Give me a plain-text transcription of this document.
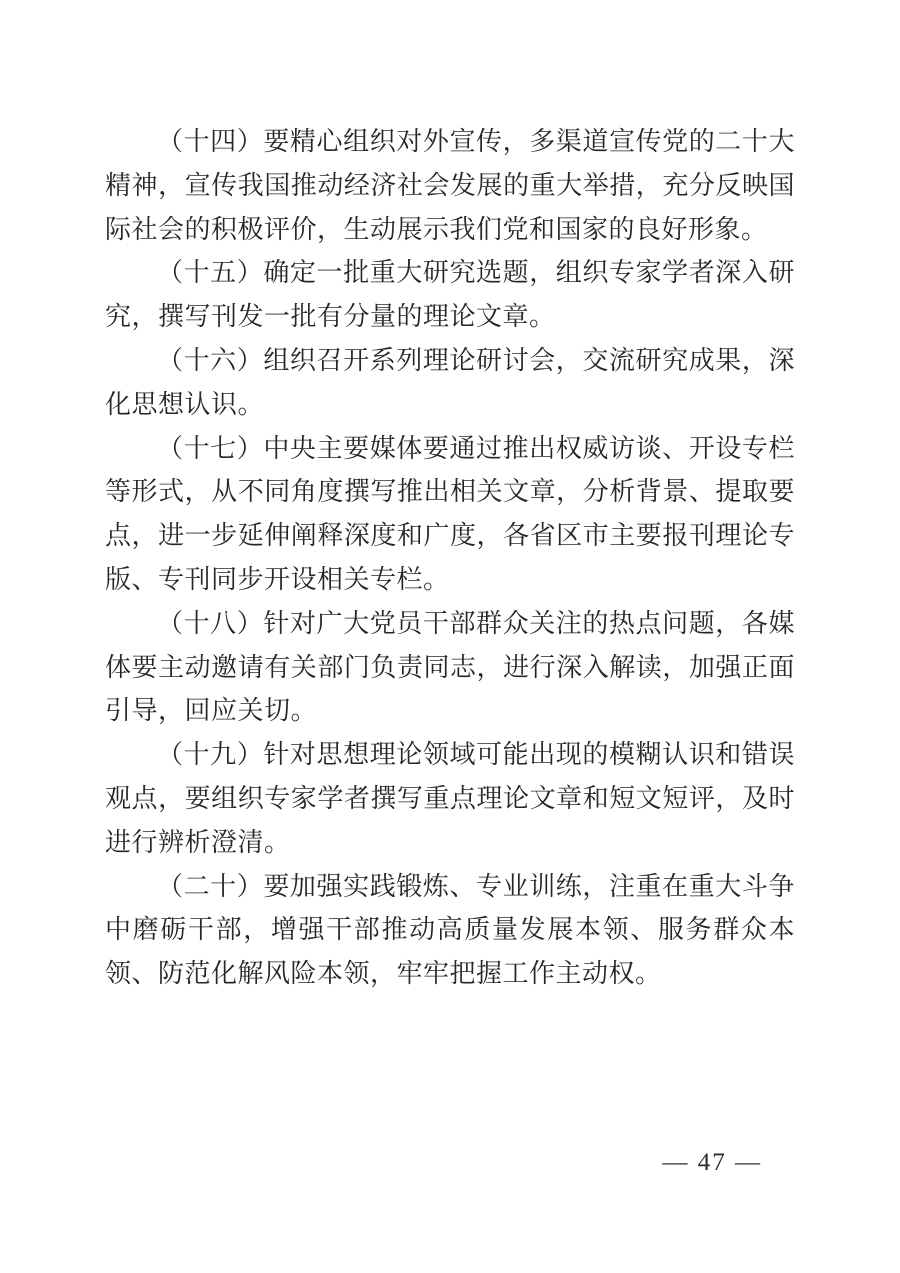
（十四）要精心组织对外宣传，多渠道宣传党的二十大精神，宣传我国推动经济社会发展的重大举措，充分反映国际社会的积极评价，生动展示我们党和国家的良好形象。

（十五）确定一批重大研究选题，组织专家学者深入研究，撰写刊发一批有分量的理论文章。

（十六）组织召开系列理论研讨会，交流研究成果，深化思想认识。

（十七）中央主要媒体要通过推出权威访谈、开设专栏等形式，从不同角度撰写推出相关文章，分析背景、提取要点，进一步延伸阐释深度和广度，各省区市主要报刊理论专版、专刊同步开设相关专栏。

（十八）针对广大党员干部群众关注的热点问题，各媒体要主动邀请有关部门负责同志，进行深入解读，加强正面引导，回应关切。

（十九）针对思想理论领域可能出现的模糊认识和错误观点，要组织专家学者撰写重点理论文章和短文短评，及时进行辨析澄清。

（二十）要加强实践锻炼、专业训练，注重在重大斗争中磨砺干部，增强干部推动高质量发展本领、服务群众本领、防范化解风险本领，牢牢把握工作主动权。

— 47 —
